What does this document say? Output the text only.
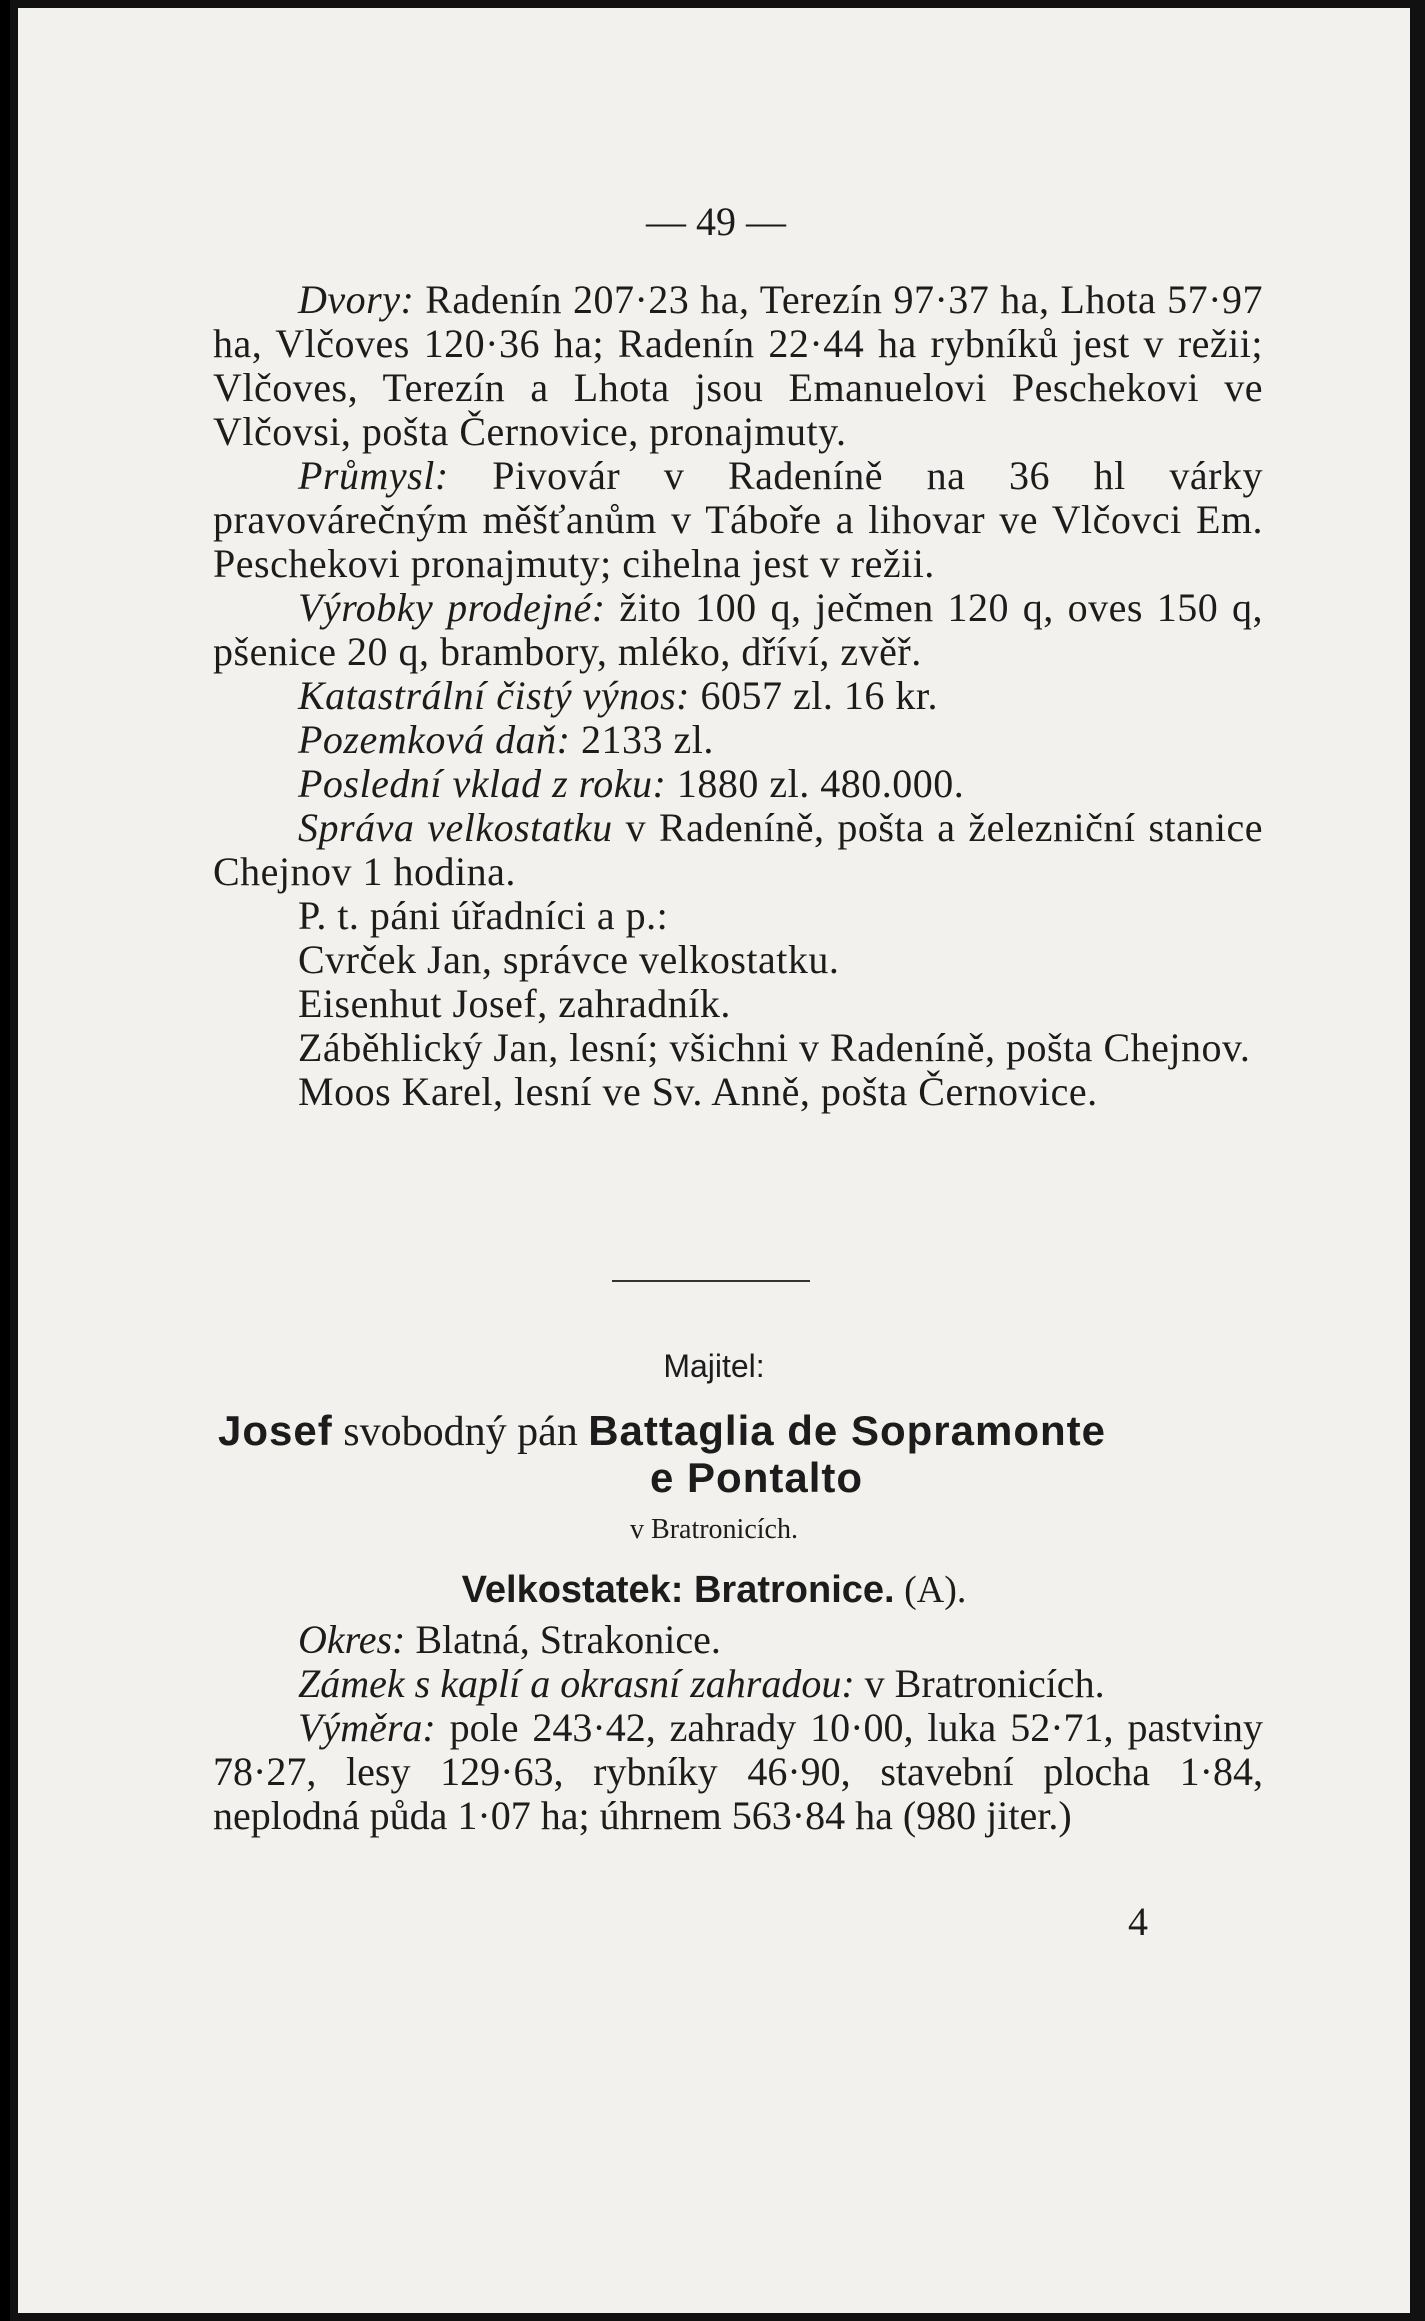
— 49 —

Dvory: Radenín 207·23 ha, Terezín 97·37 ha, Lhota 57·97 ha, Vlčoves 120·36 ha; Radenín 22·44 ha rybníků jest v režii; Vlčoves, Terezín a Lhota jsou Emanuelovi Peschekovi ve Vlčovsi, pošta Černovice, pronajmuty.

Průmysl: Pivovár v Radeníně na 36 hl várky pravovárečným měšťanům v Táboře a lihovar ve Vlčovci Em. Peschekovi pronajmuty; cihelna jest v režii.

Výrobky prodejné: žito 100 q, ječmen 120 q, oves 150 q, pšenice 20 q, brambory, mléko, dříví, zvěř.

Katastrální čistý výnos: 6057 zl. 16 kr.

Pozemková daň: 2133 zl.

Poslední vklad z roku: 1880 zl. 480.000.

Správa velkostatku v Radeníně, pošta a železniční stanice Chejnov 1 hodina.

P. t. páni úřadníci a p.:

Cvrček Jan, správce velkostatku.

Eisenhut Josef, zahradník.

Záběhlický Jan, lesní; všichni v Radeníně, pošta Chejnov.

Moos Karel, lesní ve Sv. Anně, pošta Černovice.

Majitel:
Josef svobodný pán Battaglia de Sopramonte
e Pontalto
v Bratronicích.
Velkostatek: Bratronice. (A).

Okres: Blatná, Strakonice.

Zámek s kaplí a okrasní zahradou: v Bratronicích.

Výměra: pole 243·42, zahrady 10·00, luka 52·71, pastviny 78·27, lesy 129·63, rybníky 46·90, stavební plocha 1·84, neplodná půda 1·07 ha; úhrnem 563·84 ha (980 jiter.)

4
